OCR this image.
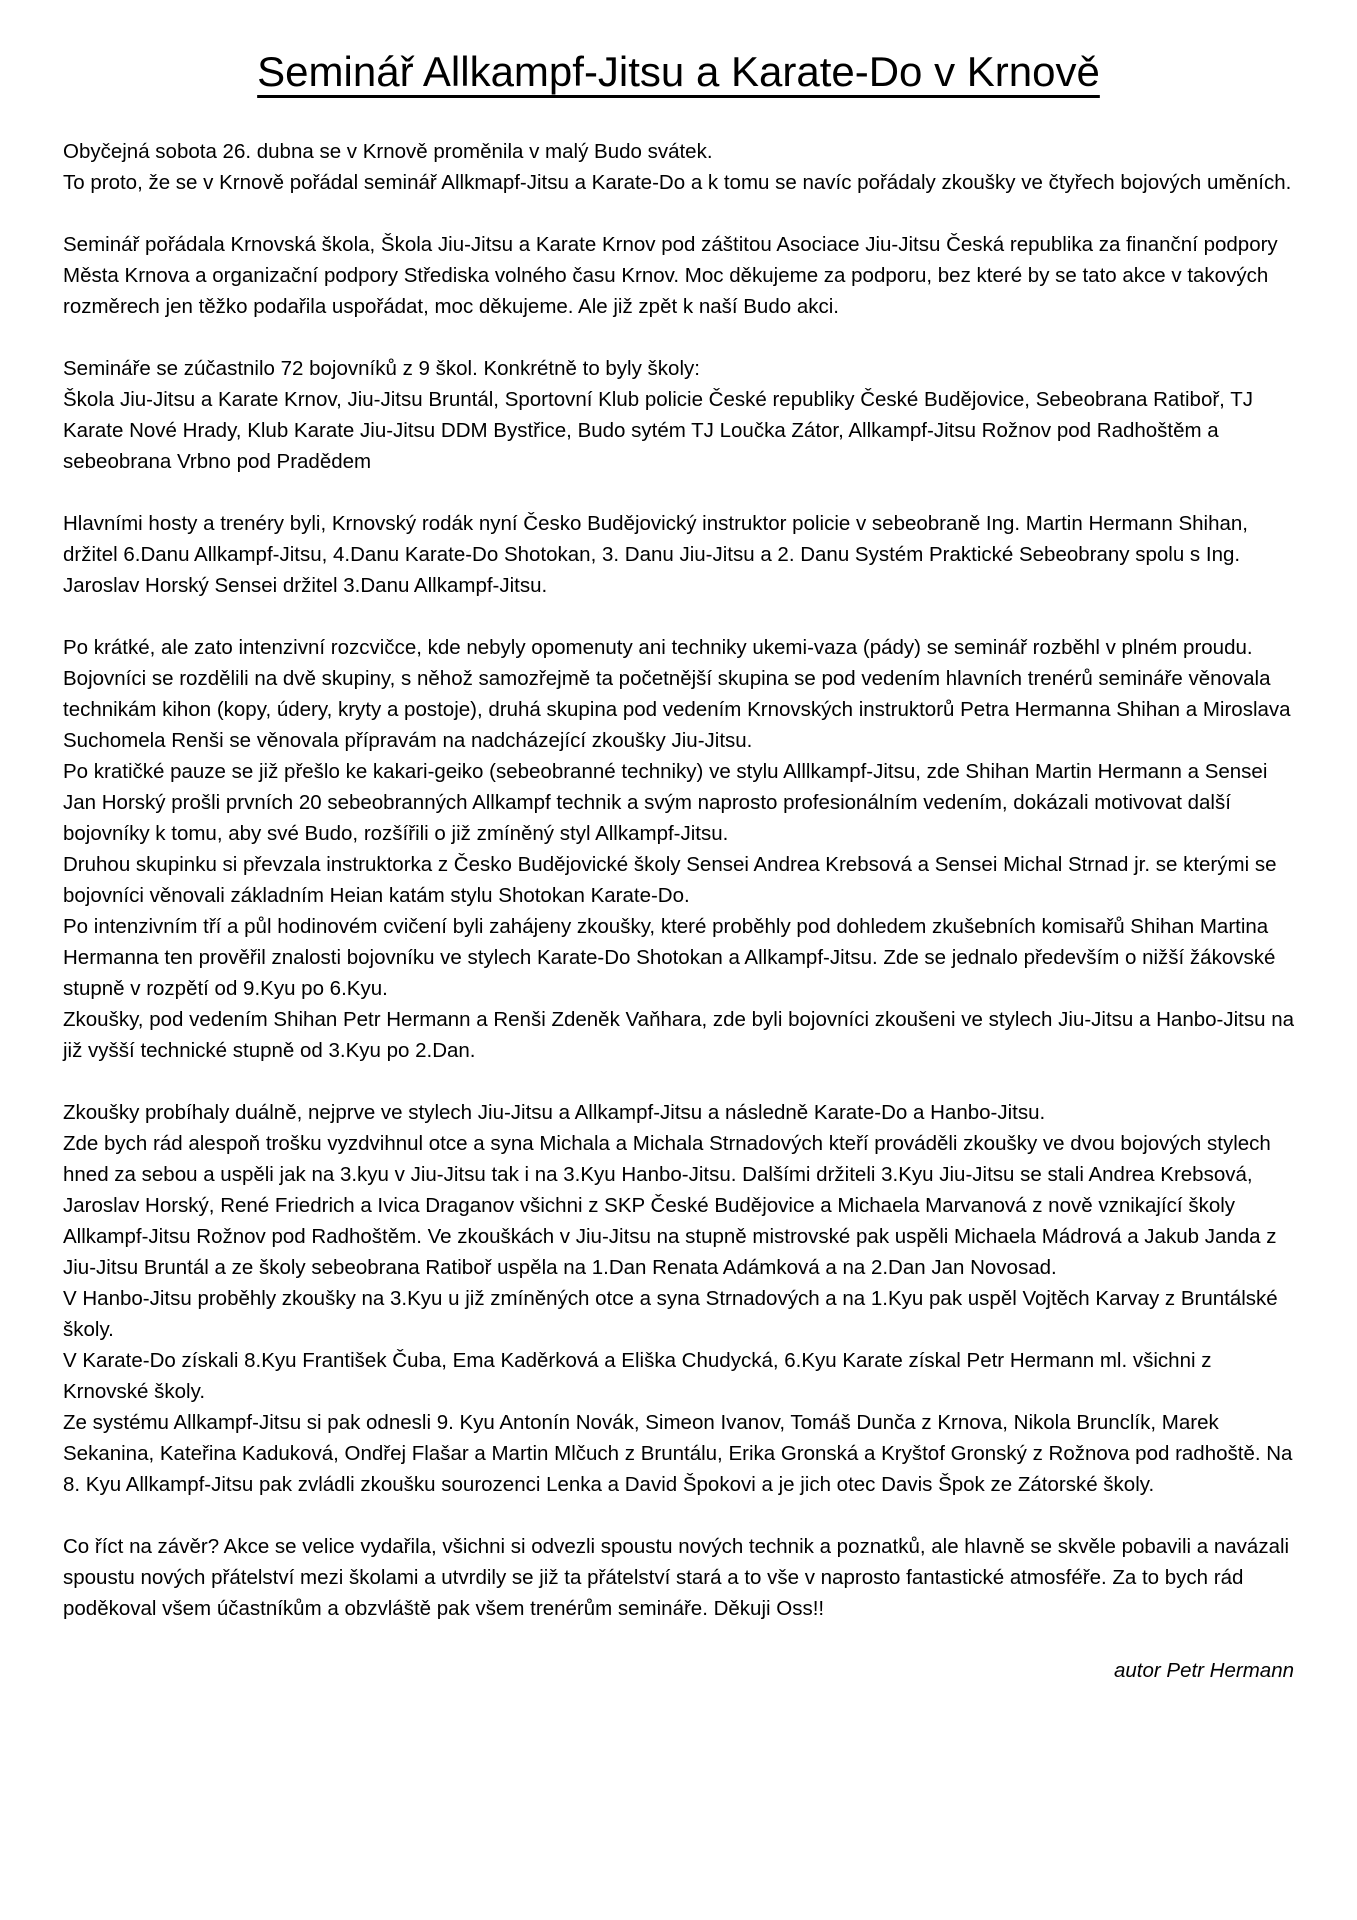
Seminář Allkampf-Jitsu a Karate-Do v Krnově

Obyčejná sobota 26. dubna se v Krnově proměnila v malý Budo svátek.
To proto, že se v Krnově pořádal seminář Allkmapf-Jitsu a Karate-Do a k tomu se navíc pořádaly zkoušky ve čtyřech bojových uměních.

Seminář pořádala Krnovská škola, Škola Jiu-Jitsu a Karate Krnov pod záštitou Asociace Jiu-Jitsu Česká republika za finanční podpory Města Krnova a organizační podpory Střediska volného času Krnov. Moc děkujeme za podporu, bez které by se tato akce v takových rozměrech jen těžko podařila uspořádat, moc děkujeme. Ale již zpět k naší Budo akci.

Semináře se zúčastnilo 72 bojovníků z 9 škol. Konkrétně to byly školy:
Škola Jiu-Jitsu a Karate Krnov, Jiu-Jitsu Bruntál, Sportovní Klub policie České republiky České Budějovice, Sebeobrana Ratiboř, TJ Karate Nové Hrady, Klub Karate Jiu-Jitsu DDM Bystřice, Budo sytém TJ Loučka Zátor, Allkampf-Jitsu Rožnov pod Radhoštěm a sebeobrana Vrbno pod Pradědem

Hlavními hosty a trenéry byli, Krnovský rodák nyní Česko Budějovický instruktor policie v sebeobraně Ing. Martin Hermann Shihan, držitel 6.Danu Allkampf-Jitsu, 4.Danu Karate-Do Shotokan, 3. Danu Jiu-Jitsu a 2. Danu Systém Praktické Sebeobrany spolu s Ing. Jaroslav Horský Sensei držitel 3.Danu Allkampf-Jitsu.

Po krátké, ale zato intenzivní rozcvičce, kde nebyly opomenuty ani techniky ukemi-vaza (pády) se seminář rozběhl v plném proudu. Bojovníci se rozdělili na dvě skupiny, s něhož samozřejmě ta početnější skupina se pod vedením hlavních trenérů semináře věnovala technikám kihon (kopy, údery, kryty a postoje), druhá skupina pod vedením Krnovských instruktorů Petra Hermanna Shihan a Miroslava Suchomela Renši se věnovala přípravám na nadcházející zkoušky Jiu-Jitsu.
Po kratičké pauze se již přešlo ke kakari-geiko (sebeobranné techniky) ve stylu Alllkampf-Jitsu, zde Shihan Martin Hermann a Sensei Jan Horský prošli prvních 20 sebeobranných Allkampf technik a svým naprosto profesionálním vedením, dokázali motivovat další bojovníky k tomu, aby své Budo, rozšířili o již zmíněný styl Allkampf-Jitsu.
Druhou skupinku si převzala instruktorka z Česko Budějovické školy Sensei Andrea Krebsová a Sensei Michal Strnad jr. se kterými se bojovníci věnovali základním Heian katám stylu Shotokan Karate-Do.
Po intenzivním tří a půl hodinovém cvičení byli zahájeny zkoušky, které proběhly pod dohledem zkušebních komisařů Shihan Martina Hermanna ten prověřil znalosti bojovníku ve stylech Karate-Do Shotokan a Allkampf-Jitsu. Zde se jednalo především o nižší žákovské stupně v rozpětí od 9.Kyu po 6.Kyu.
Zkoušky, pod vedením Shihan Petr Hermann a Renši Zdeněk Vaňhara, zde byli bojovníci zkoušeni ve stylech Jiu-Jitsu a Hanbo-Jitsu na již vyšší technické stupně od 3.Kyu po 2.Dan.

Zkoušky probíhaly duálně, nejprve ve stylech Jiu-Jitsu a Allkampf-Jitsu a následně Karate-Do a Hanbo-Jitsu.
Zde bych rád alespoň trošku vyzdvihnul otce a syna Michala a Michala Strnadových kteří prováděli zkoušky ve dvou bojových stylech hned za sebou a uspěli jak na 3.kyu v Jiu-Jitsu tak i na 3.Kyu Hanbo-Jitsu. Dalšími držiteli 3.Kyu Jiu-Jitsu se stali Andrea Krebsová, Jaroslav Horský, René Friedrich a Ivica Draganov všichni z SKP České Budějovice a Michaela Marvanová z nově vznikající školy Allkampf-Jitsu Rožnov pod Radhoštěm. Ve zkouškách v Jiu-Jitsu na stupně mistrovské pak uspěli Michaela Mádrová a Jakub Janda z Jiu-Jitsu Bruntál a ze školy sebeobrana Ratiboř uspěla na 1.Dan Renata Adámková a na 2.Dan Jan Novosad.
V Hanbo-Jitsu proběhly zkoušky na 3.Kyu u již zmíněných otce a syna Strnadových a na 1.Kyu pak uspěl Vojtěch Karvay z Bruntálské školy.
V Karate-Do získali 8.Kyu František Čuba, Ema Kaděrková a Eliška Chudycká, 6.Kyu Karate získal Petr Hermann ml. všichni z Krnovské školy.
Ze systému Allkampf-Jitsu si pak odnesli 9. Kyu Antonín Novák, Simeon Ivanov, Tomáš Dunča z Krnova, Nikola Brunclík, Marek Sekanina, Kateřina Kaduková, Ondřej Flašar a Martin Mlčuch z Bruntálu, Erika Gronská a Kryštof Gronský z Rožnova pod radhoště. Na 8. Kyu Allkampf-Jitsu pak zvládli zkoušku sourozenci Lenka a David Špokovi a je jich otec Davis Špok ze Zátorské školy.

Co říct na závěr? Akce se velice vydařila, všichni si odvezli spoustu nových technik a poznatků, ale hlavně se skvěle pobavili a navázali spoustu nových přátelství mezi školami a utvrdily se již ta přátelství stará a to vše v naprosto fantastické atmosféře. Za to bych rád poděkoval všem účastníkům a obzvláště pak všem trenérům semináře. Děkuji Oss!!

autor Petr Hermann
